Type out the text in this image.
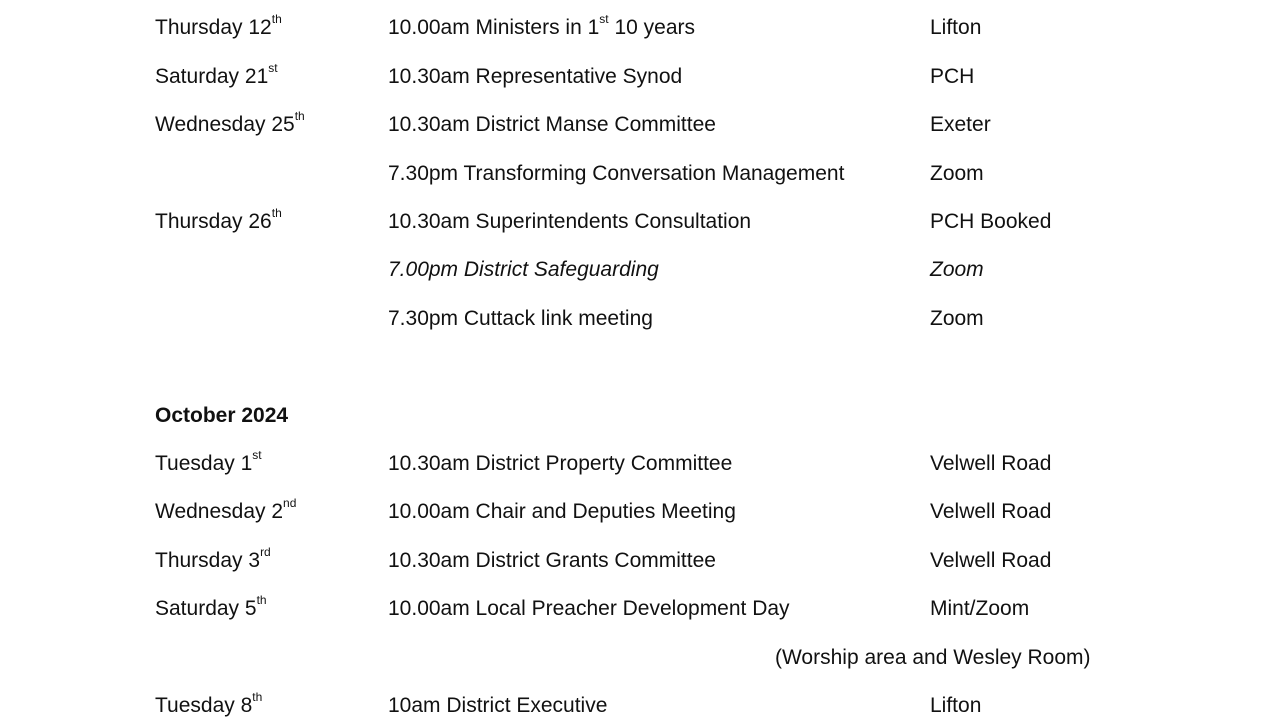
Thursday 12th	10.00am Ministers in 1st 10 years	Lifton
Saturday 21st	10.30am Representative Synod	PCH
Wednesday 25th	10.30am District Manse Committee	Exeter
7.30pm Transforming Conversation Management	Zoom
Thursday 26th	10.30am Superintendents Consultation	PCH Booked
7.00pm District Safeguarding	Zoom
7.30pm Cuttack link meeting	Zoom
October 2024
Tuesday 1st	10.30am District Property Committee	Velwell Road
Wednesday 2nd	10.00am Chair and Deputies Meeting	Velwell Road
Thursday 3rd	10.30am District Grants Committee	Velwell Road
Saturday 5th	10.00am Local Preacher Development Day	Mint/Zoom
(Worship area and Wesley Room)
Tuesday 8th	10am District Executive	Lifton
